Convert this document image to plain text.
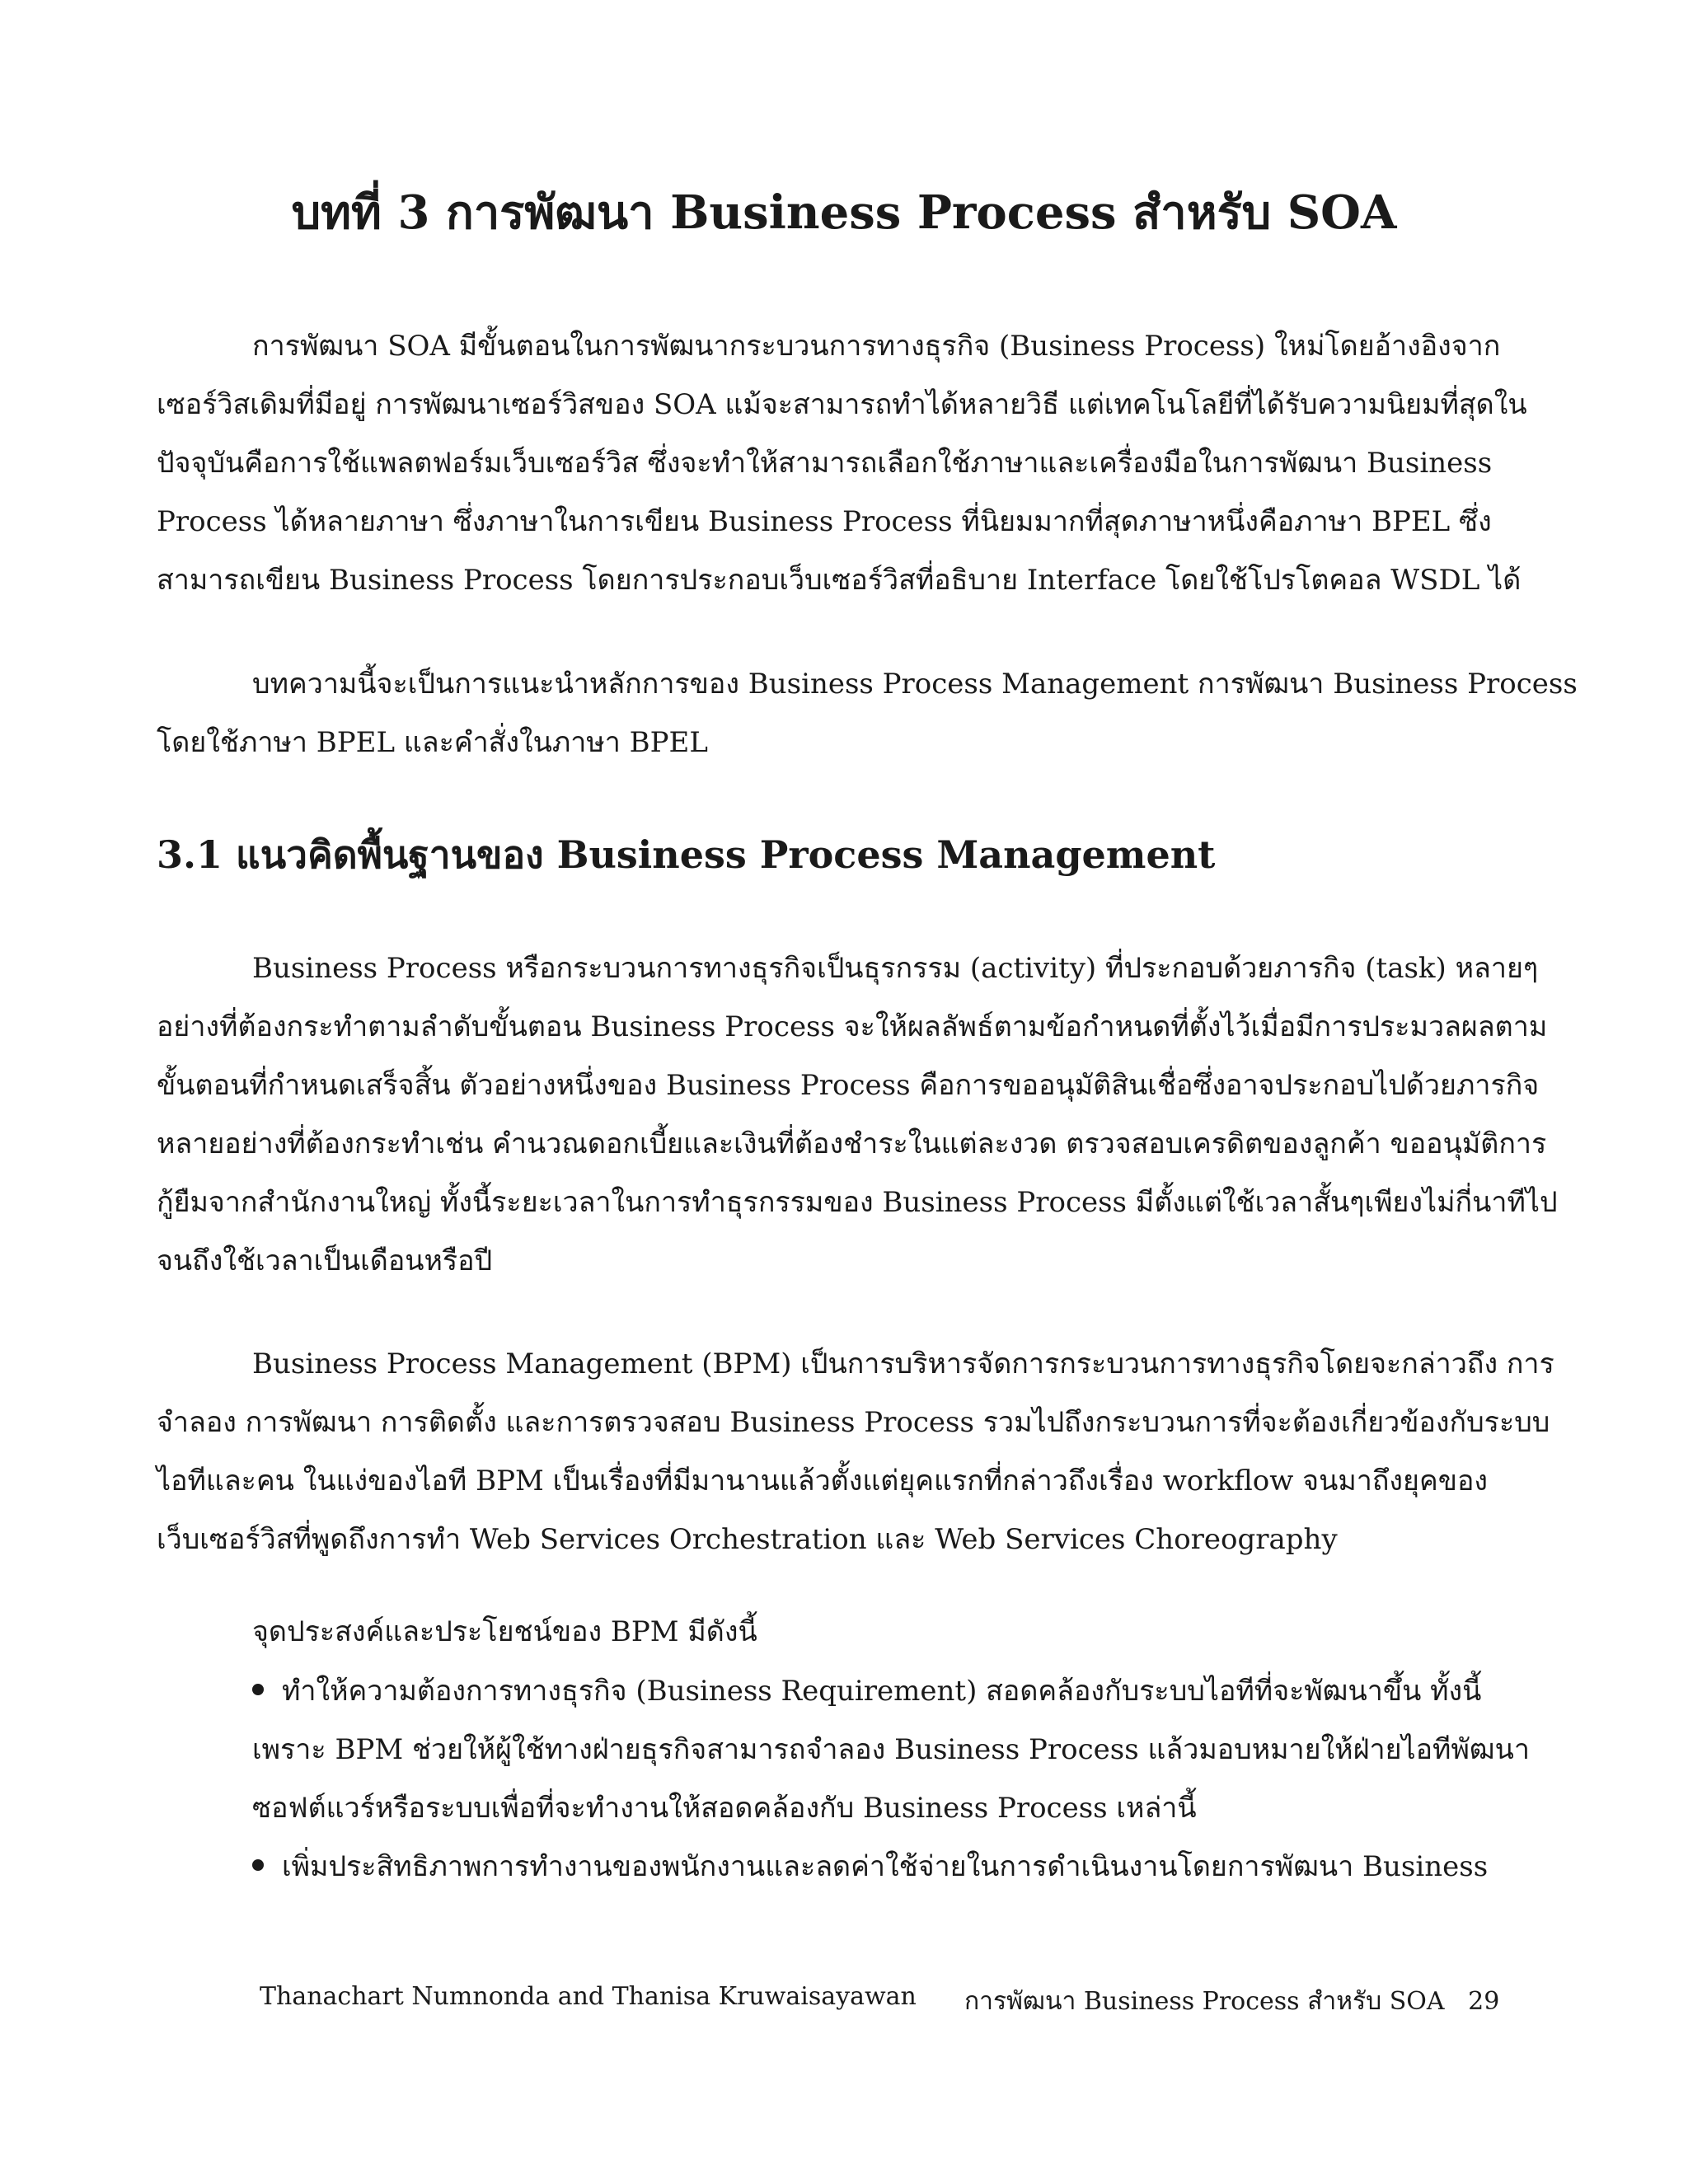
บทที่ 3 การพัฒนา Business Process สำหรับ SOA

การพัฒนา SOA มีขั้นตอนในการพัฒนากระบวนการทางธุรกิจ (Business Process) ใหม่โดยอ้างอิงจาก
เซอร์วิสเดิมที่มีอยู่ การพัฒนาเซอร์วิสของ SOA แม้จะสามารถทำได้หลายวิธี แต่เทคโนโลยีที่ได้รับความนิยมที่สุดใน
ปัจจุบันคือการใช้แพลตฟอร์มเว็บเซอร์วิส ซึ่งจะทำให้สามารถเลือกใช้ภาษาและเครื่องมือในการพัฒนา Business
Process ได้หลายภาษา ซึ่งภาษาในการเขียน Business Process ที่นิยมมากที่สุดภาษาหนึ่งคือภาษา BPEL ซึ่ง
สามารถเขียน Business Process โดยการประกอบเว็บเซอร์วิสที่อธิบาย Interface โดยใช้โปรโตคอล WSDL ได้

บทความนี้จะเป็นการแนะนำหลักการของ Business Process Management การพัฒนา Business Process
โดยใช้ภาษา BPEL และคำสั่งในภาษา BPEL

3.1 แนวคิดพื้นฐานของ Business Process Management

Business Process หรือกระบวนการทางธุรกิจเป็นธุรกรรม (activity) ที่ประกอบด้วยภารกิจ (task) หลายๆ
อย่างที่ต้องกระทำตามลำดับขั้นตอน Business Process จะให้ผลลัพธ์ตามข้อกำหนดที่ตั้งไว้เมื่อมีการประมวลผลตาม
ขั้นตอนที่กำหนดเสร็จสิ้น ตัวอย่างหนึ่งของ Business Process คือการขออนุมัติสินเชื่อซึ่งอาจประกอบไปด้วยภารกิจ
หลายอย่างที่ต้องกระทำเช่น คำนวณดอกเบี้ยและเงินที่ต้องชำระในแต่ละงวด ตรวจสอบเครดิตของลูกค้า ขออนุมัติการ
กู้ยืมจากสำนักงานใหญ่ ทั้งนี้ระยะเวลาในการทำธุรกรรมของ Business Process มีตั้งแต่ใช้เวลาสั้นๆเพียงไม่กี่นาทีไป
จนถึงใช้เวลาเป็นเดือนหรือปี

Business Process Management (BPM) เป็นการบริหารจัดการกระบวนการทางธุรกิจโดยจะกล่าวถึง การ
จำลอง การพัฒนา การติดตั้ง และการตรวจสอบ Business Process รวมไปถึงกระบวนการที่จะต้องเกี่ยวข้องกับระบบ
ไอทีและคน ในแง่ของไอที BPM เป็นเรื่องที่มีมานานแล้วตั้งแต่ยุคแรกที่กล่าวถึงเรื่อง workflow จนมาถึงยุคของ
เว็บเซอร์วิสที่พูดถึงการทำ Web Services Orchestration และ Web Services Choreography

จุดประสงค์และประโยชน์ของ BPM มีดังนี้

ทำให้ความต้องการทางธุรกิจ (Business Requirement) สอดคล้องกับระบบไอทีที่จะพัฒนาขึ้น ทั้งนี้
เพราะ BPM ช่วยให้ผู้ใช้ทางฝ่ายธุรกิจสามารถจำลอง Business Process แล้วมอบหมายให้ฝ่ายไอทีพัฒนา
ซอฟต์แวร์หรือระบบเพื่อที่จะทำงานให้สอดคล้องกับ Business Process เหล่านี้
เพิ่มประสิทธิภาพการทำงานของพนักงานและลดค่าใช้จ่ายในการดำเนินงานโดยการพัฒนา Business

Thanachart Numnonda and Thanisa Kruwaisayawan การพัฒนา Business Process สำหรับ SOA 29
